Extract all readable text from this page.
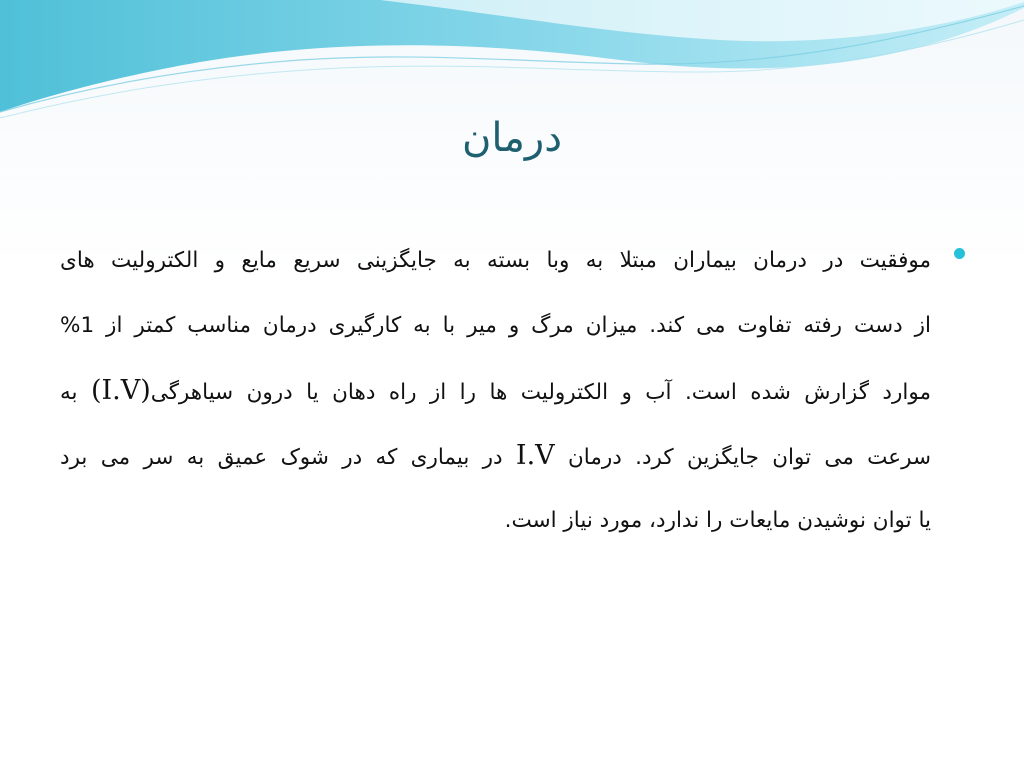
درمان
موفقیت در درمان بیماران مبتلا به وبا بسته به جایگزینی سریع مایع و الکترولیت های
از دست رفته تفاوت می کند. میزان مرگ و میر با به کارگیری درمان مناسب کمتر از 1%
موارد گزارش شده است. آب و الکترولیت ها را از راه دهان یا درون سیاهرگی(I.V) به
سرعت می توان جایگزین کرد. درمان I.V در بیماری که در شوک عمیق به سر می برد
یا توان نوشیدن مایعات را ندارد، مورد نیاز است.
